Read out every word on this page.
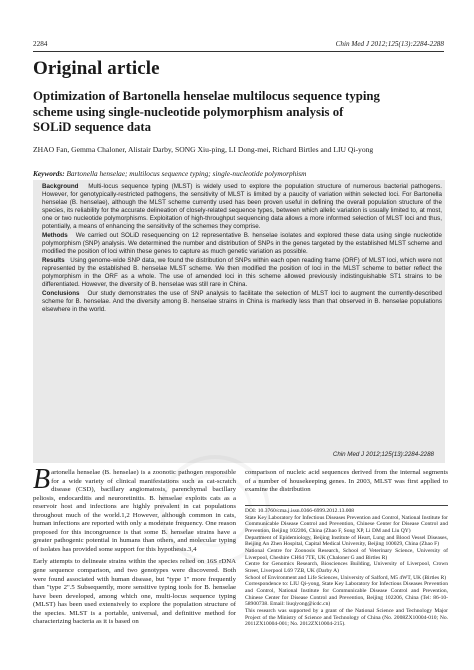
2284	Chin Med J 2012;125(13):2284-2288
Original article
Optimization of Bartonella henselae multilocus sequence typing
scheme using single-nucleotide polymorphism analysis of
SOLiD sequence data
ZHAO Fan, Gemma Chaloner, Alistair Darby, SONG Xiu-ping, LI Dong-mei, Richard Birtles and LIU Qi-yong
Keywords: Bartonella henselae; multilocus sequence typing; single-nucleotide polymorphism

Background Multi-locus sequence typing (MLST) is widely used to explore the population structure of numerous bacterial pathogens. However, for genotypically-restricted pathogens, the sensitivity of MLST is limited by a paucity of variation within selected loci. For Bartonella henselae (B. henselae), although the MLST scheme currently used has been proven useful in defining the overall population structure of the species, its reliability for the accurate delineation of closely-related sequence types, between which allelic variation is usually limited to, at most, one or two nucleotide polymorphisms. Exploitation of high-throughput sequencing data allows a more informed selection of MLST loci and thus, potentially, a means of enhancing the sensitivity of the schemes they comprise.

Methods We carried out SOLiD resequencing on 12 representative B. henselae isolates and explored these data using single nucleotide polymorphism (SNP) analysis. We determined the number and distribution of SNPs in the genes targeted by the established MLST scheme and modified the position of loci within these genes to capture as much genetic variation as possible.

Results Using genome-wide SNP data, we found the distribution of SNPs within each open reading frame (ORF) of MLST loci, which were not represented by the established B. henselae MLST scheme. We then modified the position of loci in the MLST scheme to better reflect the polymorphism in the ORF as a whole. The use of amended loci in this scheme allowed previously indistinguishable ST1 strains to be differentiated. However, the diversity of B. henselae was still rare in China.

Conclusions Our study demonstrates the use of SNP analysis to facilitate the selection of MLST loci to augment the currently-described scheme for B. henselae. And the diversity among B. henselae strains in China is markedly less than that observed in B. henselae populations elsewhere in the world.

Chin Med J 2012;125(13):2284-2288

Bartonella henselae (B. henselae) is a zoonotic pathogen responsible for a wide variety of clinical manifestations such as cat-scratch disease (CSD), bacillary angiomatosis, parenchymal bacillary peliosis, endocarditis and neuroretinitis. B. henselae exploits cats as a reservoir host and infections are highly prevalent in cat populations throughout much of the world.1,2 However, although common in cats, human infections are reported with only a moderate frequency. One reason proposed for this incongruence is that some B. henselae strains have a greater pathogenic potential in humans than others, and molecular typing of isolates has provided some support for this hypothesis.3,4

Early attempts to delineate strains within the species relied on 16S rDNA gene sequence comparison, and two genotypes were discovered. Both were found associated with human disease, but "type 1" more frequently than "type 2".5 Subsequently, more sensitive typing tools for B. henselae have been developed, among which one, multi-locus sequence typing (MLST) has been used extensively to explore the population structure of the species. MLST is a portable, universal, and definitive method for characterizing bacteria as it is based on

comparison of nucleic acid sequences derived from the internal segments of a number of housekeeping genes. In 2003, MLST was first applied to examine the distribution

DOI: 10.3760/cma.j.issn.0366-6999.2012.13.008

State Key Laboratory for Infectious Diseases Prevention and Control, National Institute for Communicable Disease Control and Prevention, Chinese Center for Disease Control and Prevention, Beijing 102206, China (Zhao F, Song XP, Li DM and Liu QY)

Department of Epidemiology, Beijing Institute of Heart, Lung and Blood Vessel Diseases, Beijing An Zhen Hospital, Capital Medical University, Beijing 100029, China (Zhao F)

National Centre for Zoonosis Research, School of Veterinary Science, University of Liverpool, Cheshire CH64 7TE, UK (Chaloner G and Birtles R)

Centre for Genomics Research, Biosciences Building, University of Liverpool, Crown Street, Liverpool L69 7ZB, UK (Darby A)

School of Environment and Life Sciences, University of Salford, M5 4WT, UK (Birtles R)

Correspondence to: LIU Qi-yong, State Key Laboratory for Infectious Diseases Prevention and Control, National Institute for Communicable Disease Control and Prevention, Chinese Center for Disease Control and Prevention, Beijing 102206, China (Tel: 86-10-58900738. Email: liuqiyong@icdc.cn)

This research was supported by a grant of the National Science and Technology Major Project of the Ministry of Science and Technology of China (No. 2008ZX10004-010; No. 2011ZX10004-001; No. 2012ZX10004-215).
